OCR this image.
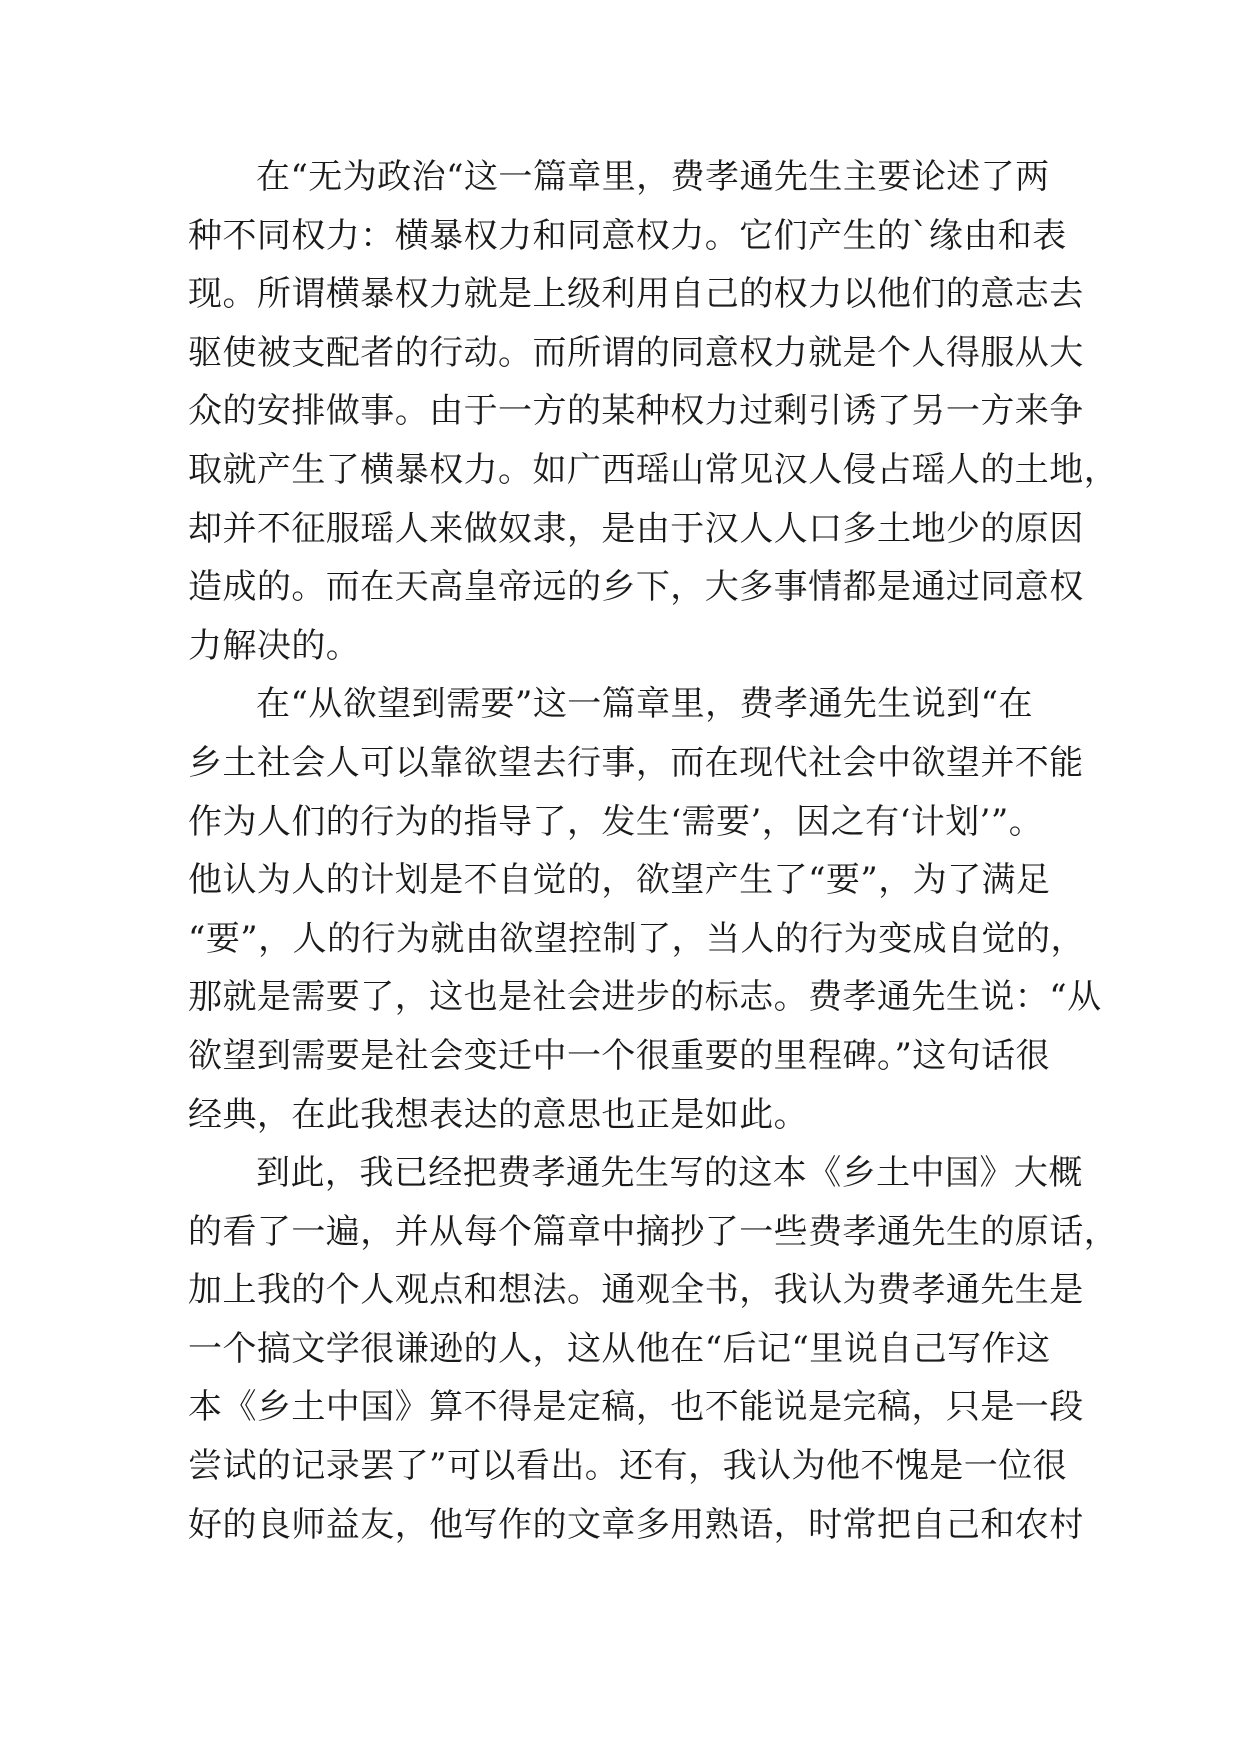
在“无为政治“这一篇章里，费孝通先生主要论述了两
种不同权力：横暴权力和同意权力。它们产生的`缘由和表
现。所谓横暴权力就是上级利用自己的权力以他们的意志去
驱使被支配者的行动。而所谓的同意权力就是个人得服从大
众的安排做事。由于一方的某种权力过剩引诱了另一方来争
取就产生了横暴权力。如广西瑶山常见汉人侵占瑶人的土地，
却并不征服瑶人来做奴隶，是由于汉人人口多土地少的原因
造成的。而在天高皇帝远的乡下，大多事情都是通过同意权
力解决的。
在“从欲望到需要”这一篇章里，费孝通先生说到“在
乡土社会人可以靠欲望去行事，而在现代社会中欲望并不能
作为人们的行为的指导了，发生‘需要’，因之有‘计划’”。
他认为人的计划是不自觉的，欲望产生了“要”，为了满足
“要”，人的行为就由欲望控制了，当人的行为变成自觉的，
那就是需要了，这也是社会进步的标志。费孝通先生说：“从
欲望到需要是社会变迁中一个很重要的里程碑。”这句话很
经典，在此我想表达的意思也正是如此。
到此，我已经把费孝通先生写的这本《乡土中国》大概
的看了一遍，并从每个篇章中摘抄了一些费孝通先生的原话，
加上我的个人观点和想法。通观全书，我认为费孝通先生是
一个搞文学很谦逊的人，这从他在“后记“里说自己写作这
本《乡土中国》算不得是定稿，也不能说是完稿，只是一段
尝试的记录罢了”可以看出。还有，我认为他不愧是一位很
好的良师益友，他写作的文章多用熟语，时常把自己和农村
